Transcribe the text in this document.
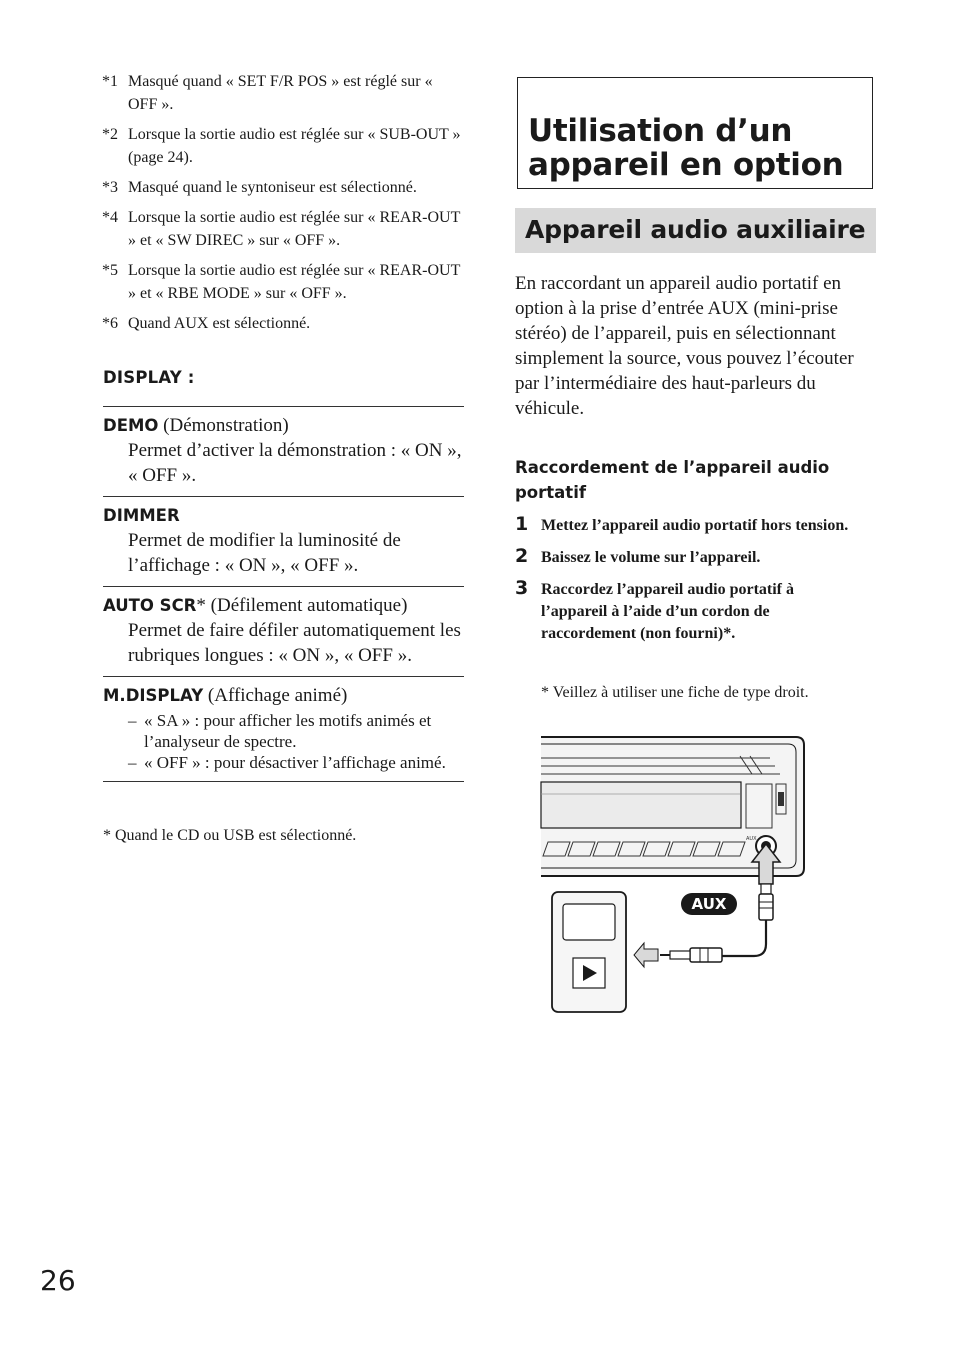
*1 Masqué quand « SET F/R POS » est réglé sur « OFF ».
*2 Lorsque la sortie audio est réglée sur « SUB-OUT » (page 24).
*3 Masqué quand le syntoniseur est sélectionné.
*4 Lorsque la sortie audio est réglée sur « REAR-OUT » et « SW DIREC » sur « OFF ».
*5 Lorsque la sortie audio est réglée sur « REAR-OUT » et « RBE MODE » sur « OFF ».
*6 Quand AUX est sélectionné.
DISPLAY :
DEMO (Démonstration)
Permet d’activer la démonstration : « ON », « OFF ».
DIMMER
Permet de modifier la luminosité de l’affichage : « ON », « OFF ».
AUTO SCR* (Défilement automatique)
Permet de faire défiler automatiquement les rubriques longues : « ON », « OFF ».
M.DISPLAY (Affichage animé)
– « SA » : pour afficher les motifs animés et l’analyseur de spectre.
– « OFF » : pour désactiver l’affichage animé.
* Quand le CD ou USB est sélectionné.
26
Utilisation d’un appareil en option
Appareil audio auxiliaire

En raccordant un appareil audio portatif en option à la prise d’entrée AUX (mini-prise stéréo) de l’appareil, puis en sélectionnant simplement la source, vous pouvez l’écouter par l’intermédiaire des haut-parleurs du véhicule.

Raccordement de l’appareil audio portatif
1 Mettez l’appareil audio portatif hors tension.
2 Baissez le volume sur l’appareil.
3 Raccordez l’appareil audio portatif à l’appareil à l’aide d’un cordon de raccordement (non fourni)*.
* Veillez à utiliser une fiche de type droit.
AUX
AUX
